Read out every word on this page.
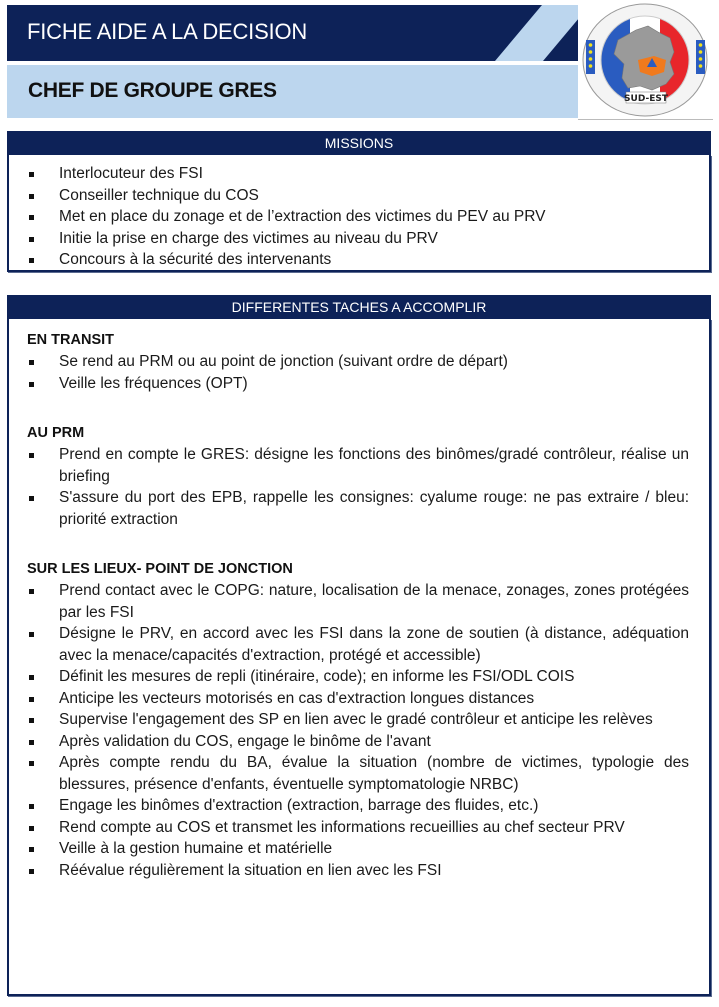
FICHE AIDE A LA DECISION
CHEF DE GROUPE GRES	SUD-EST
MISSIONS
Interlocuteur des FSI
Conseiller technique du COS
Met en place du zonage et de l’extraction des victimes du PEV au PRV
Initie la prise en charge des victimes au niveau du PRV
Concours à la sécurité des intervenants
DIFFERENTES TACHES A ACCOMPLIR
EN TRANSIT
Se rend au PRM ou au point de jonction (suivant ordre de départ)
Veille les fréquences (OPT)
AU PRM
Prend en compte le GRES: désigne les fonctions des binômes/gradé contrôleur, réalise un briefing
S'assure du port des EPB, rappelle les consignes: cyalume rouge: ne pas extraire / bleu: priorité extraction
SUR LES LIEUX- POINT DE JONCTION
Prend contact avec le COPG: nature, localisation de la menace, zonages, zones protégées par les FSI
Désigne le PRV, en accord avec les FSI dans la zone de soutien (à distance, adéquation avec la menace/capacités d'extraction, protégé et accessible)
Définit les mesures de repli (itinéraire, code); en informe les FSI/ODL COIS
Anticipe les vecteurs motorisés en cas d'extraction longues distances
Supervise l'engagement des SP en lien avec le gradé contrôleur et anticipe les relèves
Après validation du COS, engage le binôme de l'avant
Après compte rendu du BA, évalue la situation (nombre de victimes, typologie des blessures, présence d'enfants, éventuelle symptomatologie NRBC)
Engage les binômes d'extraction (extraction, barrage des fluides, etc.)
Rend compte au COS et transmet les informations recueillies au chef secteur PRV
Veille à la gestion humaine et matérielle
Réévalue régulièrement la situation en lien avec les FSI
